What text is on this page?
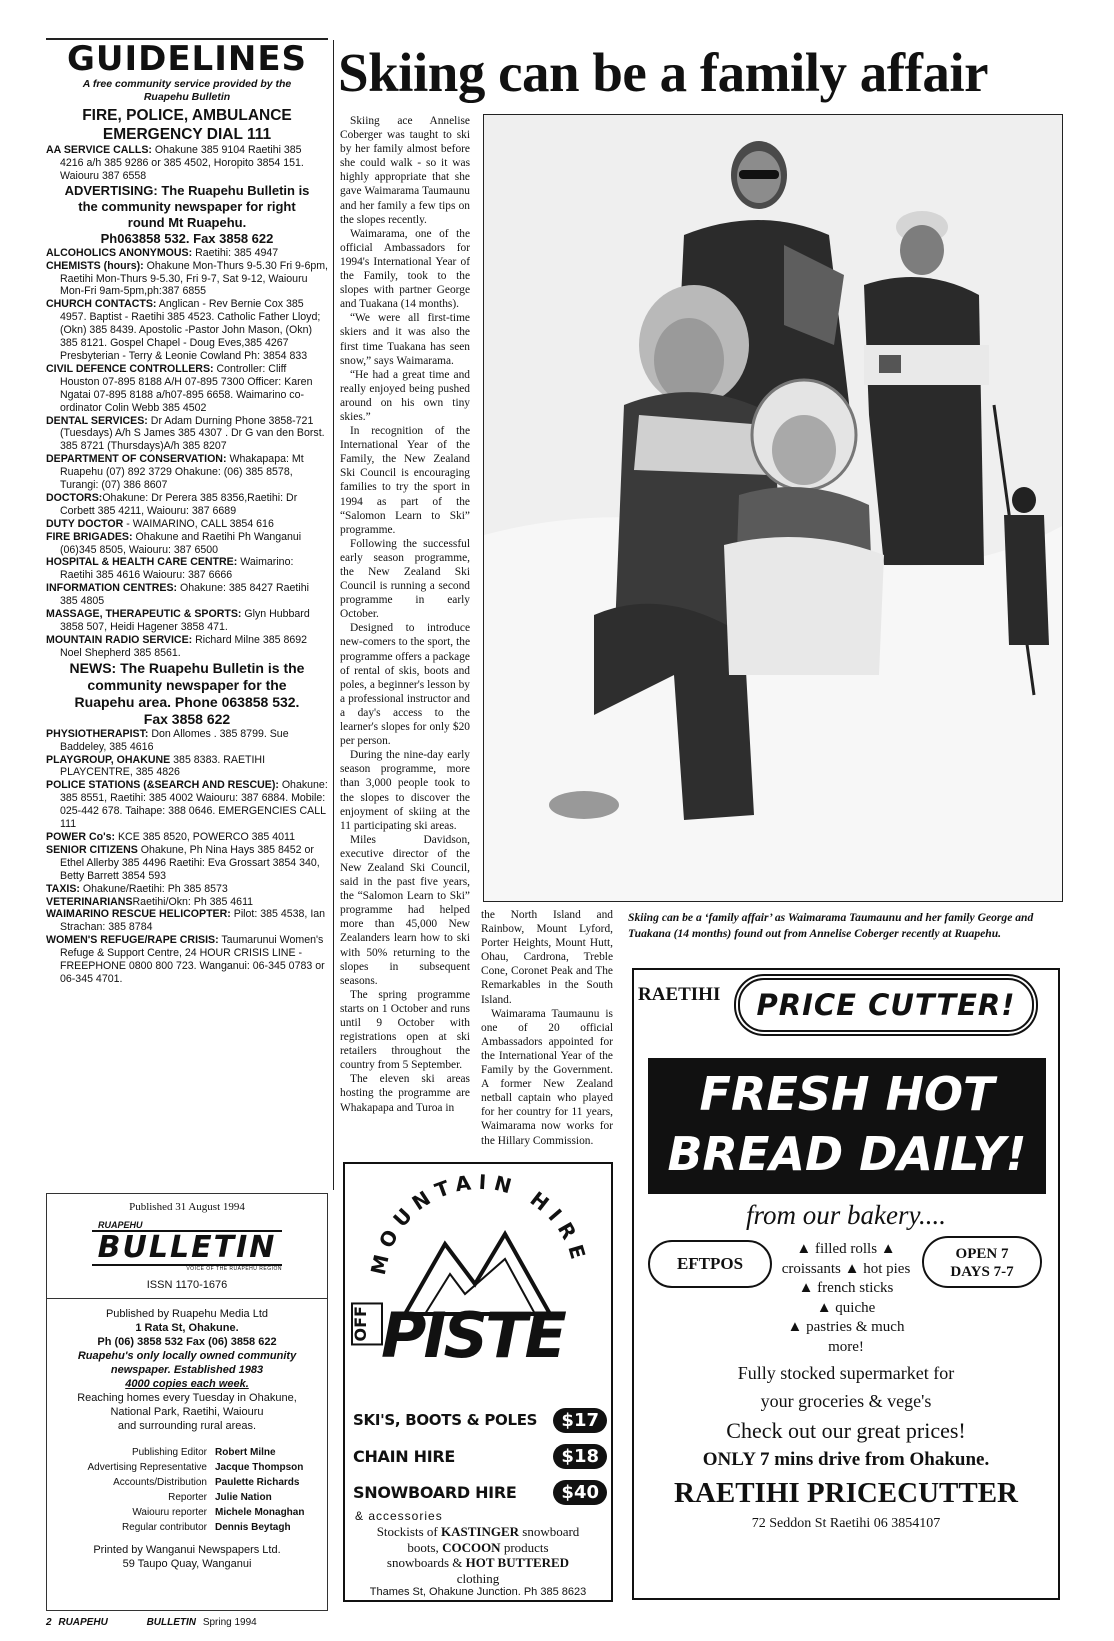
GUIDELINES
A free community service provided by the Ruapehu Bulletin
FIRE, POLICE, AMBULANCE
EMERGENCY DIAL 111

AA SERVICE CALLS: Ohakune 385 9104 Raetihi 385 4216 a/h 385 9286 or 385 4502, Horopito 3854 151. Waiouru 387 6558

ADVERTISING: The Ruapehu Bulletin is
the community newspaper for right
round Mt Ruapehu.
Ph063858 532. Fax 3858 622

ALCOHOLICS ANONYMOUS: Raetihi: 385 4947

CHEMISTS (hours): Ohakune Mon-Thurs 9-5.30 Fri 9-6pm, Raetihi Mon-Thurs 9-5.30, Fri 9-7, Sat 9-12, Waiouru Mon-Fri 9am-5pm,ph:387 6855

CHURCH CONTACTS: Anglican - Rev Bernie Cox 385 4957. Baptist - Raetihi 385 4523. Catholic Father Lloyd; (Okn) 385 8439. Apostolic -Pastor John Mason, (Okn) 385 8121. Gospel Chapel - Doug Eves,385 4267 Presbyterian - Terry & Leonie Cowland Ph: 3854 833

CIVIL DEFENCE CONTROLLERS: Controller: Cliff Houston 07-895 8188 A/H 07-895 7300 Officer: Karen Ngatai 07-895 8188 a/h07-895 6658. Waimarino co-ordinator Colin Webb 385 4502

DENTAL SERVICES: Dr Adam Durning Phone 3858-721 (Tuesdays) A/h S James 385 4307 . Dr G van den Borst. 385 8721 (Thursdays)A/h 385 8207

DEPARTMENT OF CONSERVATION: Whakapapa: Mt Ruapehu (07) 892 3729 Ohakune: (06) 385 8578, Turangi: (07) 386 8607

DOCTORS:Ohakune: Dr Perera 385 8356,Raetihi: Dr Corbett 385 4211, Waiouru: 387 6689

DUTY DOCTOR - WAIMARINO, CALL 3854 616

FIRE BRIGADES: Ohakune and Raetihi Ph Wanganui (06)345 8505, Waiouru: 387 6500

HOSPITAL & HEALTH CARE CENTRE: Waimarino: Raetihi 385 4616 Waiouru: 387 6666

INFORMATION CENTRES: Ohakune: 385 8427 Raetihi 385 4805

MASSAGE, THERAPEUTIC & SPORTS: Glyn Hubbard 3858 507, Heidi Hagener 3858 471.

MOUNTAIN RADIO SERVICE: Richard Milne 385 8692 Noel Shepherd 385 8561.

NEWS: The Ruapehu Bulletin is the
community newspaper for the
Ruapehu area. Phone 063858 532.
Fax 3858 622

PHYSIOTHERAPIST: Don Allomes . 385 8799. Sue Baddeley, 385 4616

PLAYGROUP, OHAKUNE 385 8383. RAETIHI PLAYCENTRE, 385 4826

POLICE STATIONS (&SEARCH AND RESCUE): Ohakune: 385 8551, Raetihi: 385 4002 Waiouru: 387 6884. Mobile: 025-442 678. Taihape: 388 0646. EMERGENCIES CALL 111

POWER Co's: KCE 385 8520, POWERCO 385 4011

SENIOR CITIZENS Ohakune, Ph Nina Hays 385 8452 or Ethel Allerby 385 4496 Raetihi: Eva Grossart 3854 340, Betty Barrett 3854 593

TAXIS: Ohakune/Raetihi: Ph 385 8573

VETERINARIANSRaetihi/Okn: Ph 385 4611

WAIMARINO RESCUE HELICOPTER: Pilot: 385 4538, Ian Strachan: 385 8784

WOMEN'S REFUGE/RAPE CRISIS: Taumarunui Women's Refuge & Support Centre, 24 HOUR CRISIS LINE - FREEPHONE 0800 800 723. Wanganui: 06-345 0783 or 06-345 4701.

Published 31 August 1994
RUAPEHU
BULLETIN
VOICE OF THE RUAPEHU REGION
ISSN 1170-1676
Published by Ruapehu Media Ltd
1 Rata St, Ohakune.
Ph (06) 3858 532 Fax (06) 3858 622
Ruapehu's only locally owned community
newspaper. Established 1983
4000 copies each week.
Reaching homes every Tuesday in Ohakune,
National Park, Raetihi, Waiouru
and surrounding rural areas.
Publishing Editor Robert Milne
Advertising Representative Jacque Thompson
Accounts/Distribution Paulette Richards
Reporter Julie Nation
Waiouru reporter Michele Monaghan
Regular contributor Dennis Beytagh
Printed by Wanganui Newspapers Ltd.
59 Taupo Quay, Wanganui
2 RUAPEHU	BULLETIN Spring 1994
Skiing can be a family affair

Skiing ace Annelise Coberger was taught to ski by her family almost before she could walk - so it was highly appropriate that she gave Waimarama Taumaunu and her family a few tips on the slopes recently.

Waimarama, one of the official Ambassadors for 1994's International Year of the Family, took to the slopes with partner George and Tuakana (14 months).

“We were all first-time skiers and it was also the first time Tuakana has seen snow,” says Waimarama.

“He had a great time and really enjoyed being pushed around on his own tiny skies.”

In recognition of the International Year of the Family, the New Zealand Ski Council is encouraging families to try the sport in 1994 as part of the “Salomon Learn to Ski” programme.

Following the successful early season programme, the New Zealand Ski Council is running a second programme in early October.

Designed to introduce new-comers to the sport, the programme offers a package of rental of skis, boots and poles, a beginner's lesson by a professional instructor and a day's access to the learner's slopes for only $20 per person.

During the nine-day early season programme, more than 3,000 people took to the slopes to discover the enjoyment of skiing at the 11 participating ski areas.

Miles Davidson, executive director of the New Zealand Ski Council, said in the past five years, the “Salomon Learn to Ski” programme had helped more than 45,000 New Zealanders learn how to ski with 50% returning to the slopes in subsequent seasons.

The spring programme starts on 1 October and runs until 9 October with registrations open at ski retailers throughout the country from 5 September.

The eleven ski areas hosting the programme are Whakapapa and Turoa in

the North Island and Rainbow, Mount Lyford, Porter Heights, Mount Hutt, Ohau, Cardrona, Treble Cone, Coronet Peak and The Remarkables in the South Island.

Waimarama Taumaunu is one of 20 official Ambassadors appointed for the International Year of the Family by the Government. A former New Zealand netball captain who played for her country for 11 years, Waimarama now works for the Hillary Commission.

Skiing can be a ‘family affair’ as Waimarama Taumaunu and her family George and Tuakana (14 months) found out from Annelise Coberger recently at Ruapehu.
MOUNTAIN HIRE
OFF PISTE
SKI'S, BOOTS & POLES	$17
CHAIN HIRE	$18
SNOWBOARD HIRE	$40
& accessories
Stockists of KASTINGER snowboard
boots, COCOON products
snowboards & HOT BUTTERED
clothing
Thames St, Ohakune Junction. Ph 385 8623
RAETIHI	PRICE CUTTER!
FRESH HOT
BREAD DAILY!
from our bakery....
EFTPOS	OPEN 7
DAYS 7-7
▲ filled rolls ▲
croissants ▲ hot pies
▲ french sticks
▲ quiche
▲ pastries & much
more!
Fully stocked supermarket for
your groceries & vege's
Check out our great prices!
ONLY 7 mins drive from Ohakune.
RAETIHI PRICECUTTER
72 Seddon St Raetihi 06 3854107
